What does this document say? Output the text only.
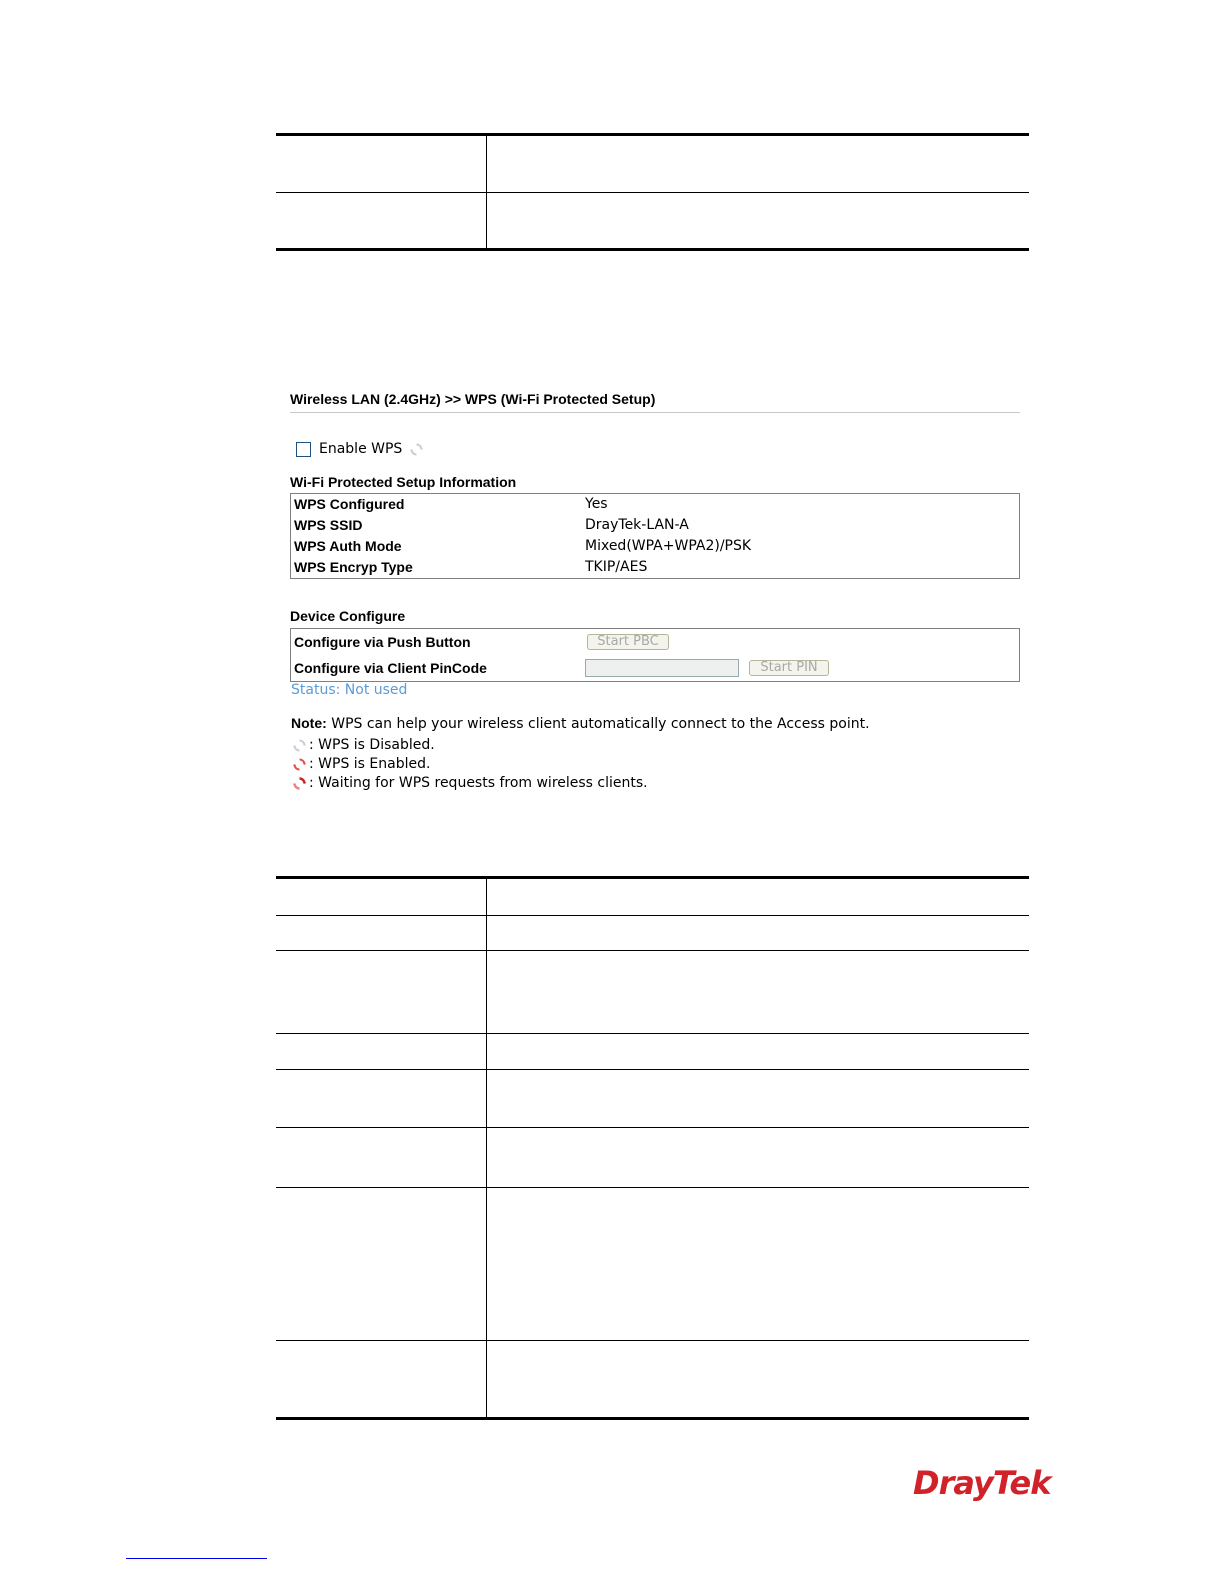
Wireless LAN (2.4GHz) >> WPS (Wi-Fi Protected Setup)
Enable WPS
Wi-Fi Protected Setup Information
WPS Configured	Yes
WPS SSID	DrayTek-LAN-A
WPS Auth Mode	Mixed(WPA+WPA2)/PSK
WPS Encryp Type	TKIP/AES
Device Configure
Configure via Push Button	Start PBC
Configure via Client PinCode	Start PIN
Status: Not used
Note: WPS can help your wireless client automatically connect to the Access point.
: WPS is Disabled.
: WPS is Enabled.
: Waiting for WPS requests from wireless clients.
DrayTek
